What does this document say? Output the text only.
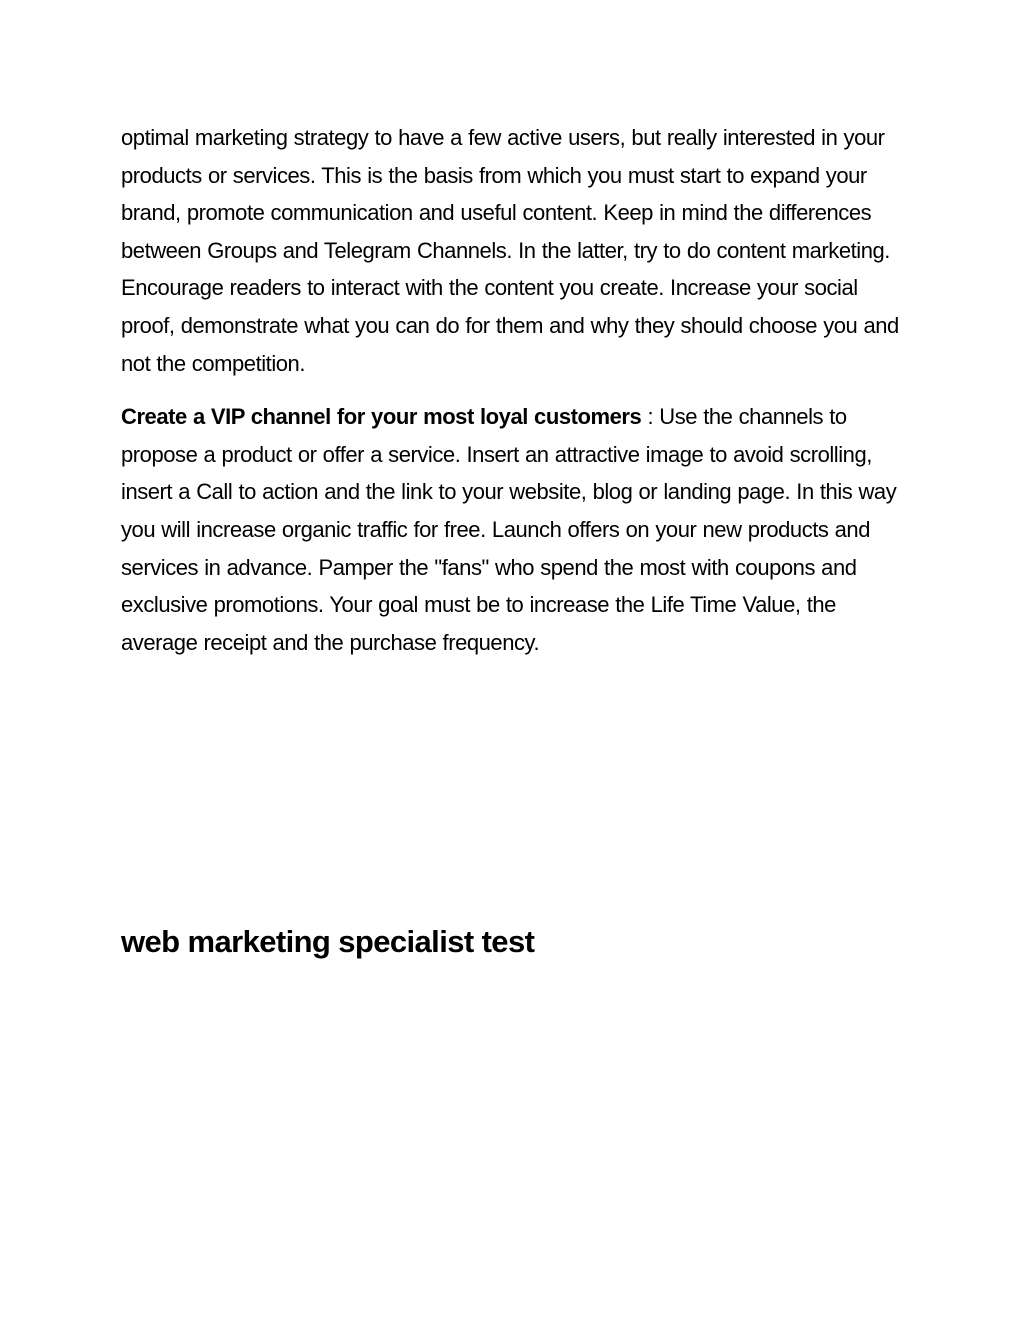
optimal marketing strategy to have a few active users, but really interested in your products or services. This is the basis from which you must start to expand your brand, promote communication and useful content. Keep in mind the differences between Groups and Telegram Channels. In the latter, try to do content marketing. Encourage readers to interact with the content you create. Increase your social proof, demonstrate what you can do for them and why they should choose you and not the competition.

Create a VIP channel for your most loyal customers : Use the channels to propose a product or offer a service. Insert an attractive image to avoid scrolling, insert a Call to action and the link to your website, blog or landing page. In this way you will increase organic traffic for free. Launch offers on your new products and services in advance. Pamper the "fans" who spend the most with coupons and exclusive promotions. Your goal must be to increase the Life Time Value, the average receipt and the purchase frequency.

web marketing specialist test
